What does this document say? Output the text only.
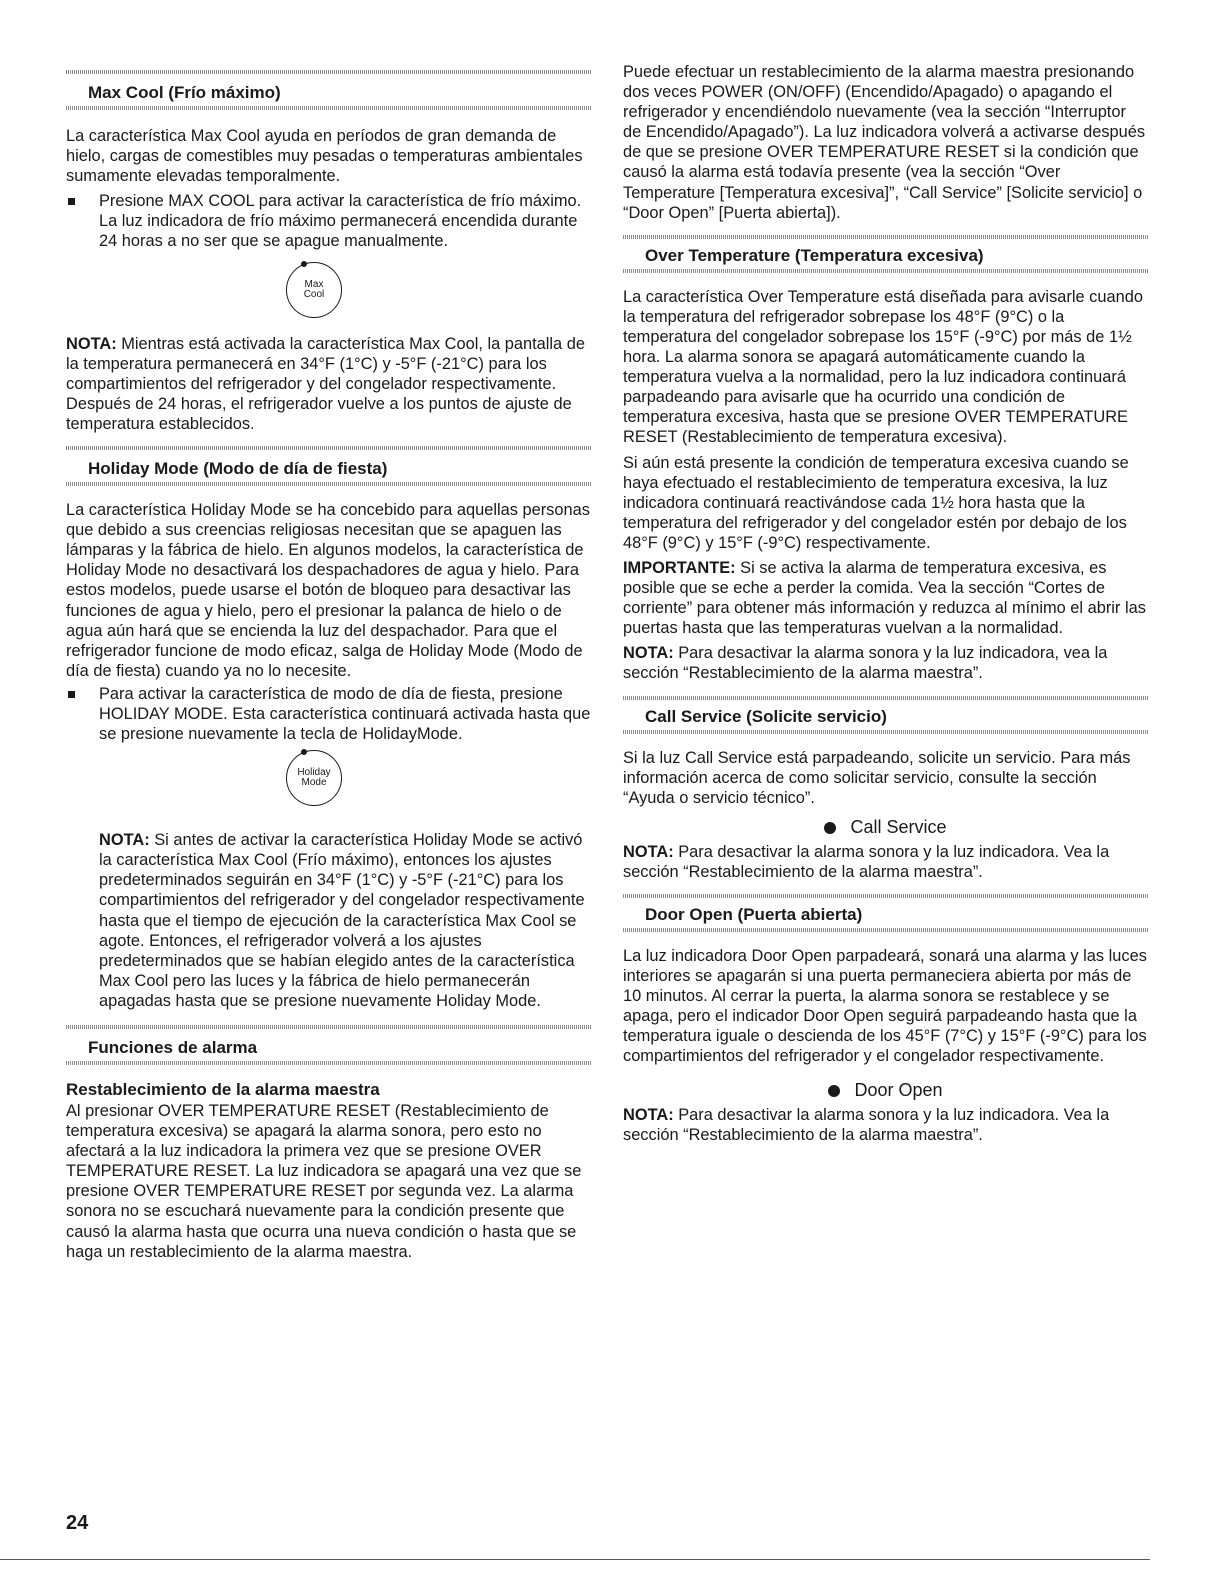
Max Cool (Frío máximo)

La característica Max Cool ayuda en períodos de gran demanda de hielo, cargas de comestibles muy pesadas o temperaturas ambientales sumamente elevadas temporalmente.

Presione MAX COOL para activar la característica de frío máximo. La luz indicadora de frío máximo permanecerá encendida durante 24 horas a no ser que se apague manualmente.
Max
Cool

NOTA: Mientras está activada la característica Max Cool, la pantalla de la temperatura permanecerá en 34°F (1°C) y -5°F (-21°C) para los compartimientos del refrigerador y del congelador respectivamente. Después de 24 horas, el refrigerador vuelve a los puntos de ajuste de temperatura establecidos.

Holiday Mode (Modo de día de fiesta)

La característica Holiday Mode se ha concebido para aquellas personas que debido a sus creencias religiosas necesitan que se apaguen las lámparas y la fábrica de hielo. En algunos modelos, la característica de Holiday Mode no desactivará los despachadores de agua y hielo. Para estos modelos, puede usarse el botón de bloqueo para desactivar las funciones de agua y hielo, pero el presionar la palanca de hielo o de agua aún hará que se encienda la luz del despachador. Para que el refrigerador funcione de modo eficaz, salga de Holiday Mode (Modo de día de fiesta) cuando ya no lo necesite.

Para activar la característica de modo de día de fiesta, presione HOLIDAY MODE. Esta característica continuará activada hasta que se presione nuevamente la tecla de HolidayMode.
Holiday
Mode
NOTA: Si antes de activar la característica Holiday Mode se activó la característica Max Cool (Frío máximo), entonces los ajustes predeterminados seguirán en 34°F (1°C) y -5°F (-21°C) para los compartimientos del refrigerador y del congelador respectivamente hasta que el tiempo de ejecución de la característica Max Cool se agote. Entonces, el refrigerador volverá a los ajustes predeterminados que se habían elegido antes de la característica Max Cool pero las luces y la fábrica de hielo permanecerán apagadas hasta que se presione nuevamente Holiday Mode.
Funciones de alarma
Restablecimiento de la alarma maestra

Al presionar OVER TEMPERATURE RESET (Restablecimiento de temperatura excesiva) se apagará la alarma sonora, pero esto no afectará a la luz indicadora la primera vez que se presione OVER TEMPERATURE RESET. La luz indicadora se apagará una vez que se presione OVER TEMPERATURE RESET por segunda vez. La alarma sonora no se escuchará nuevamente para la condición presente que causó la alarma hasta que ocurra una nueva condición o hasta que se haga un restablecimiento de la alarma maestra.

Puede efectuar un restablecimiento de la alarma maestra presionando dos veces POWER (ON/OFF) (Encendido/Apagado) o apagando el refrigerador y encendiéndolo nuevamente (vea la sección “Interruptor de Encendido/Apagado”). La luz indicadora volverá a activarse después de que se presione OVER TEMPERATURE RESET si la condición que causó la alarma está todavía presente (vea la sección “Over Temperature [Temperatura excesiva]”, “Call Service” [Solicite servicio] o “Door Open” [Puerta abierta]).

Over Temperature (Temperatura excesiva)

La característica Over Temperature está diseñada para avisarle cuando la temperatura del refrigerador sobrepase los 48°F (9°C) o la temperatura del congelador sobrepase los 15°F (-9°C) por más de 1½ hora. La alarma sonora se apagará automáticamente cuando la temperatura vuelva a la normalidad, pero la luz indicadora continuará parpadeando para avisarle que ha ocurrido una condición de temperatura excesiva, hasta que se presione OVER TEMPERATURE RESET (Restablecimiento de temperatura excesiva).

Si aún está presente la condición de temperatura excesiva cuando se haya efectuado el restablecimiento de temperatura excesiva, la luz indicadora continuará reactivándose cada 1½ hora hasta que la temperatura del refrigerador y del congelador estén por debajo de los 48°F (9°C) y 15°F (-9°C) respectivamente.

IMPORTANTE: Si se activa la alarma de temperatura excesiva, es posible que se eche a perder la comida. Vea la sección “Cortes de corriente” para obtener más información y reduzca al mínimo el abrir las puertas hasta que las temperaturas vuelvan a la normalidad.

NOTA: Para desactivar la alarma sonora y la luz indicadora, vea la sección “Restablecimiento de la alarma maestra”.

Call Service (Solicite servicio)

Si la luz Call Service está parpadeando, solicite un servicio. Para más información acerca de como solicitar servicio, consulte la sección “Ayuda o servicio técnico”.

Call Service

NOTA: Para desactivar la alarma sonora y la luz indicadora. Vea la sección “Restablecimiento de la alarma maestra”.

Door Open (Puerta abierta)

La luz indicadora Door Open parpadeará, sonará una alarma y las luces interiores se apagarán si una puerta permaneciera abierta por más de 10 minutos. Al cerrar la puerta, la alarma sonora se restablece y se apaga, pero el indicador Door Open seguirá parpadeando hasta que la temperatura iguale o descienda de los 45°F (7°C) y 15°F (-9°C) para los compartimientos del refrigerador y el congelador respectivamente.

Door Open

NOTA: Para desactivar la alarma sonora y la luz indicadora. Vea la sección “Restablecimiento de la alarma maestra”.

24
